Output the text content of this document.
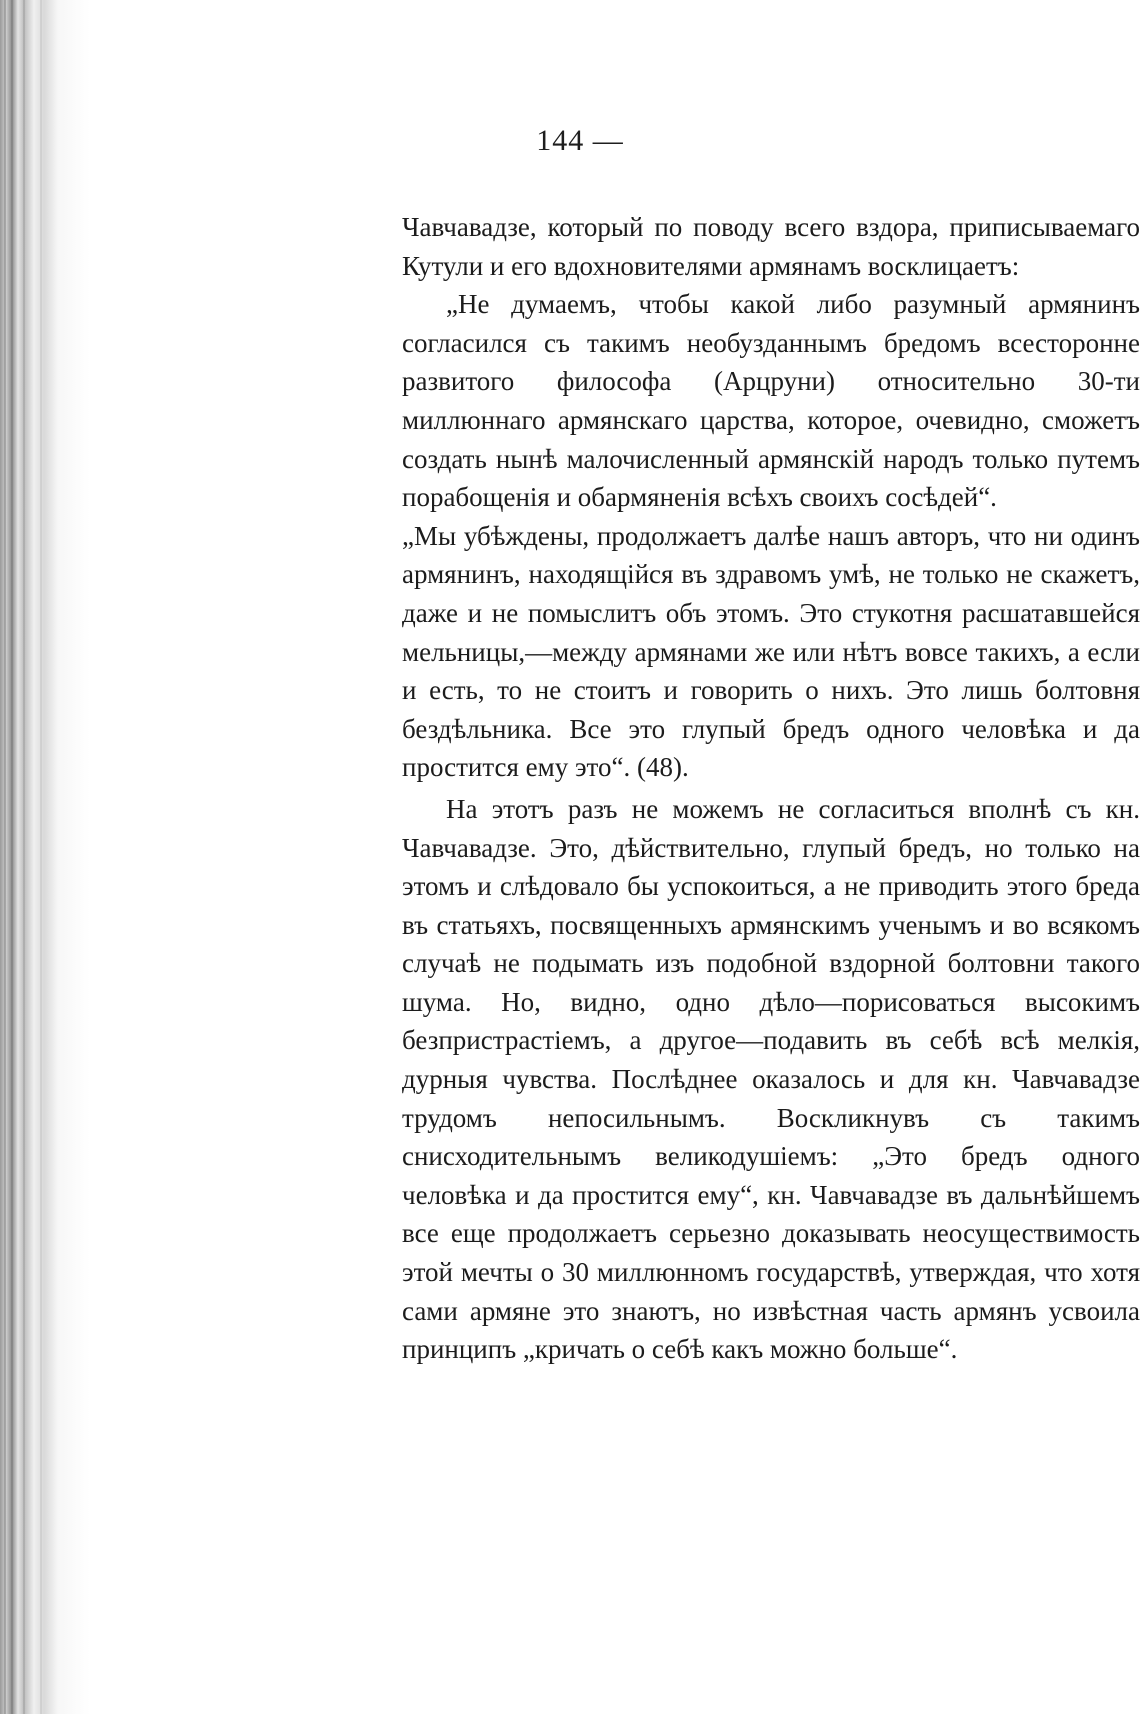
144 —

Чавчавадзе, который по поводу всего вздора, приписываемаго Кутули и его вдохновителями армянамъ восклицаетъ:

„Не думаемъ, чтобы какой либо разумный армянинъ согласился съ такимъ необузданнымъ бредомъ всесторонне развитого философа (Арцруни) относительно 30-ти миллюннаго армянскаго царства, которое, очевидно, сможетъ создать нынѣ малочисленный армянскій народъ только путемъ порабощенія и обармяненія всѣхъ своихъ сосѣдей“.

„Мы убѣждены, продолжаетъ далѣе нашъ авторъ, что ни одинъ армянинъ, находящійся въ здравомъ умѣ, не только не скажетъ, даже и не помыслитъ объ этомъ. Это стукотня расшатавшейся мельницы,—между армянами же или нѣтъ вовсе такихъ, а если и есть, то не стоитъ и говорить о нихъ. Это лишь болтовня бездѣльника. Все это глупый бредъ одного человѣка и да простится ему это“. (48).

На этотъ разъ не можемъ не согласиться вполнѣ съ кн. Чавчавадзе. Это, дѣйствительно, глупый бредъ, но только на этомъ и слѣдовало бы успокоиться, а не приводить этого бреда въ статьяхъ, посвященныхъ армянскимъ ученымъ и во всякомъ случаѣ не подымать изъ подобной вздорной болтовни такого шума. Но, видно, одно дѣло—порисоваться высокимъ безпристрастіемъ, а другое—подавить въ себѣ всѣ мелкія, дурныя чувства. Послѣднее оказалось и для кн. Чавчавадзе трудомъ непосильнымъ. Воскликнувъ съ такимъ снисходительнымъ великодушіемъ: „Это бредъ одного человѣка и да простится ему“, кн. Чавчавадзе въ дальнѣйшемъ все еще продолжаетъ серьезно доказывать неосуществимость этой мечты о 30 миллюнномъ государствѣ, утверждая, что хотя сами армяне это знаютъ, но извѣстная часть армянъ усвоила принципъ „кричать о себѣ какъ можно больше“.
